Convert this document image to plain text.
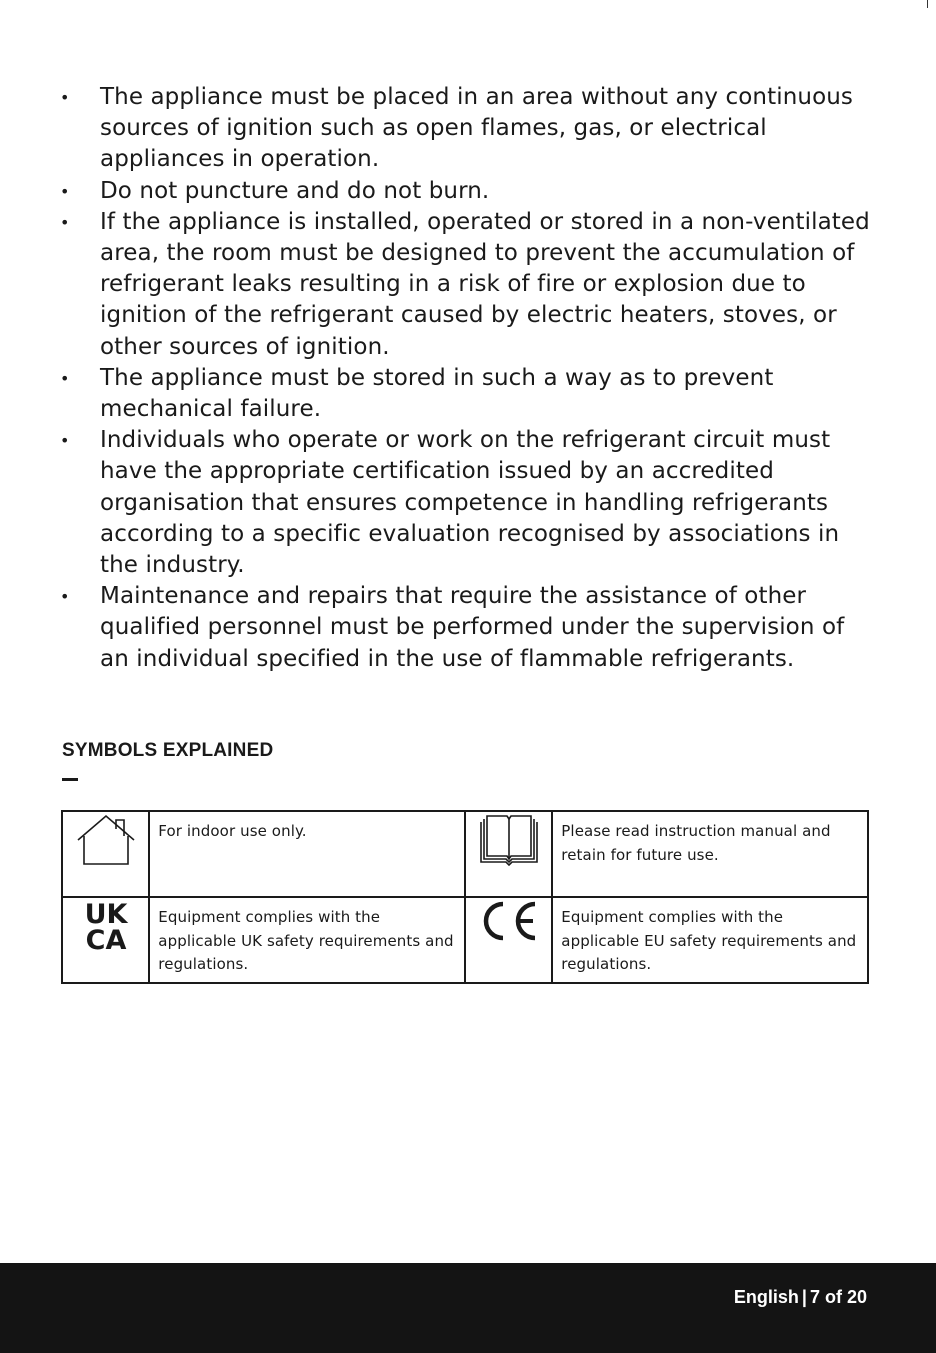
• The appliance must be placed in an area without any continuous sources of ignition such as open flames, gas, or electrical appliances in operation.
• Do not puncture and do not burn.
• If the appliance is installed, operated or stored in a non-ventilated area, the room must be designed to prevent the accumulation of refrigerant leaks resulting in a risk of fire or explosion due to ignition of the refrigerant caused by electric heaters, stoves, or other sources of ignition.
• The appliance must be stored in such a way as to prevent mechanical failure.
• Individuals who operate or work on the refrigerant circuit must have the appropriate certification issued by an accredited organisation that ensures competence in handling refrigerants according to a specific evaluation recognised by associations in the industry.
• Maintenance and repairs that require the assistance of other qualified personnel must be performed under the supervision of an individual specified in the use of flammable refrigerants.
SYMBOLS EXPLAINED
	For indoor use only.		Please read instruction manual and retain for future use.

UK
CA	Equipment complies with the applicable UK safety requirements and regulations.		Equipment complies with the applicable EU safety requirements and regulations.
English | 7 of 20
